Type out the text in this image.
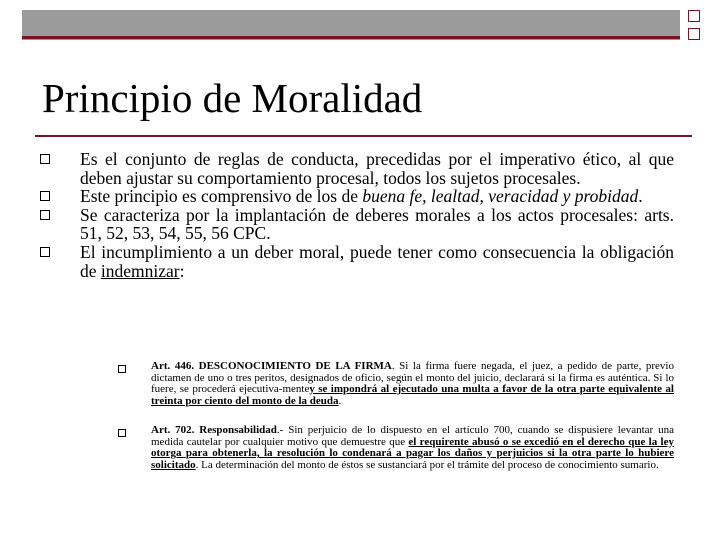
Principio de Moralidad

Es el conjunto de reglas de conducta, precedidas por el imperativo ético, al que deben ajustar su comportamiento procesal, todos los sujetos procesales.

Este principio es comprensivo de los de buena fe, lealtad, veracidad y probidad.

Se caracteriza por la implantación de deberes morales a los actos procesales: arts. 51, 52, 53, 54, 55, 56 CPC.

El incumplimiento a un deber moral, puede tener como consecuencia la obligación de indemnizar:

Art. 446. DESCONOCIMIENTO DE LA FIRMA. Si la firma fuere negada, el juez, a pedido de parte, previo dictamen de uno o tres peritos, designados de oficio, según el monto del juicio, declarará si la firma es auténtica. Si lo fuere, se procederá ejecutiva-mentey se impondrá al ejecutado una multa a favor de la otra parte equivalente al treinta por ciento del monto de la deuda.
Art. 702. Responsabilidad.- Sin perjuicio de lo dispuesto en el artículo 700, cuando se dispusiere levantar una medida cautelar por cualquier motivo que demuestre que el requirente abusó o se excedió en el derecho que la ley otorga para obtenerla, la resolución lo condenará a pagar los daños y perjuicios si la otra parte lo hubiere solicitado. La determinación del monto de éstos se sustanciará por el trámite del proceso de conocimiento sumario.
